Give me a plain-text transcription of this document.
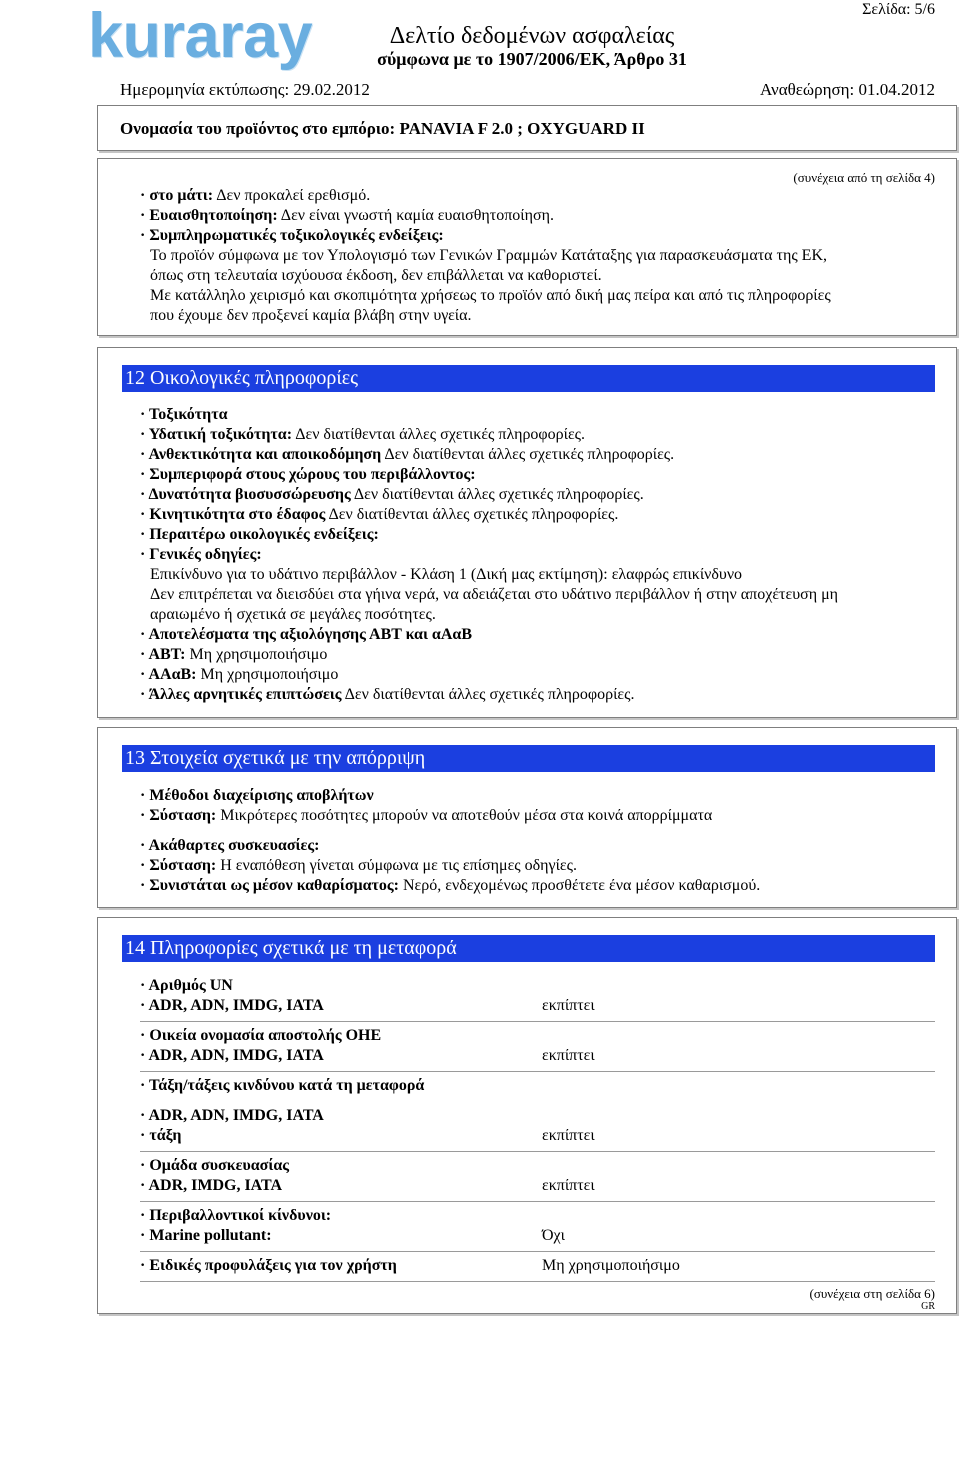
kuraray	Σελίδα: 5/6
Δελτίο δεδομένων ασφαλείας
σύμφωνα με το 1907/2006/ΕΚ, Άρθρο 31
Ημερομηνία εκτύπωσης: 29.02.2012	Αναθεώρηση: 01.04.2012
Ονομασία του προϊόντος στο εμπόριο: PANAVIA F 2.0 ; OXYGUARD II
(συνέχεια από τη σελίδα 4)
· στο μάτι: Δεν προκαλεί ερεθισμό.
· Ευαισθητοποίηση: Δεν είναι γνωστή καμία ευαισθητοποίηση.
· Συμπληρωματικές τοξικολογικές ενδείξεις:
Το προϊόν σύμφωνα με τον Υπολογισμό των Γενικών Γραμμών Κατάταξης για παρασκευάσματα της ΕΚ,
όπως στη τελευταία ισχύουσα έκδοση, δεν επιβάλλεται να καθοριστεί.
Με κατάλληλο χειρισμό και σκοπιμότητα χρήσεως το προϊόν από δική μας πείρα και από τις πληροφορίες
που έχουμε δεν προξενεί καμία βλάβη στην υγεία.
12 Οικολογικές πληροφορίες
· Τοξικότητα
· Υδατική τοξικότητα: Δεν διατίθενται άλλες σχετικές πληροφορίες.
· Ανθεκτικότητα και αποικοδόμηση Δεν διατίθενται άλλες σχετικές πληροφορίες.
· Συμπεριφορά στους χώρους του περιβάλλοντος:
· Δυνατότητα βιοσυσσώρευσης Δεν διατίθενται άλλες σχετικές πληροφορίες.
· Κινητικότητα στο έδαφος Δεν διατίθενται άλλες σχετικές πληροφορίες.
· Περαιτέρω οικολογικές ενδείξεις:
· Γενικές οδηγίες:
Επικίνδυνο για το υδάτινο περιβάλλον - Κλάση 1 (Δική μας εκτίμηση): ελαφρώς επικίνδυνο
Δεν επιτρέπεται να διεισδύει στα γήινα νερά, να αδειάζεται στο υδάτινο περιβάλλον ή στην αποχέτευση μη
αραιωμένο ή σχετικά σε μεγάλες ποσότητες.
· Αποτελέσματα της αξιολόγησης ΑΒΤ και αΑαΒ
· ΑΒΤ: Μη χρησιμοποιήσιμο
· ΑΑαΒ: Μη χρησιμοποιήσιμο
· Άλλες αρνητικές επιπτώσεις Δεν διατίθενται άλλες σχετικές πληροφορίες.
13 Στοιχεία σχετικά με την απόρριψη
· Μέθοδοι διαχείρισης αποβλήτων
· Σύσταση: Μικρότερες ποσότητες μπορούν να αποτεθούν μέσα στα κοινά απορρίμματα
· Ακάθαρτες συσκευασίες:
· Σύσταση: Η εναπόθεση γίνεται σύμφωνα με τις επίσημες οδηγίες.
· Συνιστάται ως μέσον καθαρίσματος: Νερό, ενδεχομένως προσθέτετε ένα μέσον καθαρισμού.
14 Πληροφορίες σχετικά με τη μεταφορά
· Αριθμός UN
· ADR, ADN, IMDG, IATA	εκπίπτει
· Οικεία ονομασία αποστολής ΟΗΕ
· ADR, ADN, IMDG, IATA	εκπίπτει
· Τάξη/τάξεις κινδύνου κατά τη μεταφορά
· ADR, ADN, IMDG, IATA
· τάξη	εκπίπτει
· Ομάδα συσκευασίας
· ADR, IMDG, IATA	εκπίπτει
· Περιβαλλοντικοί κίνδυνοι:
· Marine pollutant:	Όχι
· Ειδικές προφυλάξεις για τον χρήστη	Μη χρησιμοποιήσιμο
(συνέχεια στη σελίδα 6)
GR
